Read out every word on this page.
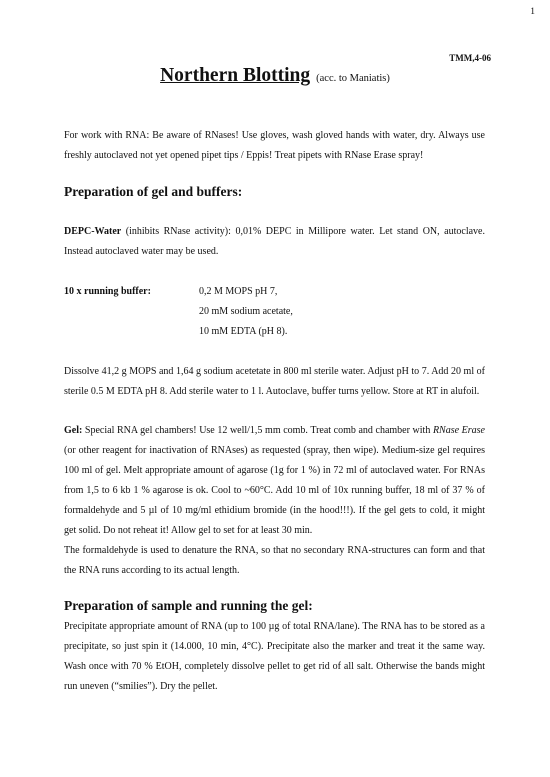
1
TMM,4-06
Northern Blotting (acc. to Maniatis)

For work with RNA: Be aware of RNases! Use gloves, wash gloved hands with water, dry. Always use freshly autoclaved not yet opened pipet tips / Eppis! Treat pipets with RNase Erase spray!

Preparation of gel and buffers:

DEPC-Water (inhibits RNase activity): 0,01% DEPC in Millipore water. Let stand ON, autoclave. Instead autoclaved water may be used.

10 x running buffer:	0,2 M MOPS pH 7,
20 mM sodium acetate,
10 mM EDTA (pH 8).

Dissolve 41,2 g MOPS and 1,64 g sodium acetetate in 800 ml sterile water. Adjust pH to 7. Add 20 ml of sterile 0.5 M EDTA pH 8. Add sterile water to 1 l. Autoclave, buffer turns yellow. Store at RT in alufoil.

Gel: Special RNA gel chambers! Use 12 well/1,5 mm comb. Treat comb and chamber with RNase Erase (or other reagent for inactivation of RNAses) as requested (spray, then wipe). Medium-size gel requires 100 ml of gel. Melt appropriate amount of agarose (1g for 1 %) in 72 ml of autoclaved water. For RNAs from 1,5 to 6 kb 1 % agarose is ok. Cool to ~60°C. Add 10 ml of 10x running buffer, 18 ml of 37 % of formaldehyde and 5 µl of 10 mg/ml ethidium bromide (in the hood!!!). If the gel gets to cold, it might get solid. Do not reheat it! Allow gel to set for at least 30 min.

The formaldehyde is used to denature the RNA, so that no secondary RNA-structures can form and that the RNA runs according to its actual length.

Preparation of sample and running the gel:

Precipitate appropriate amount of RNA (up to 100 µg of total RNA/lane). The RNA has to be stored as a precipitate, so just spin it (14.000, 10 min, 4°C). Precipitate also the marker and treat it the same way. Wash once with 70 % EtOH, completely dissolve pellet to get rid of all salt. Otherwise the bands might run uneven (“smilies”). Dry the pellet.
